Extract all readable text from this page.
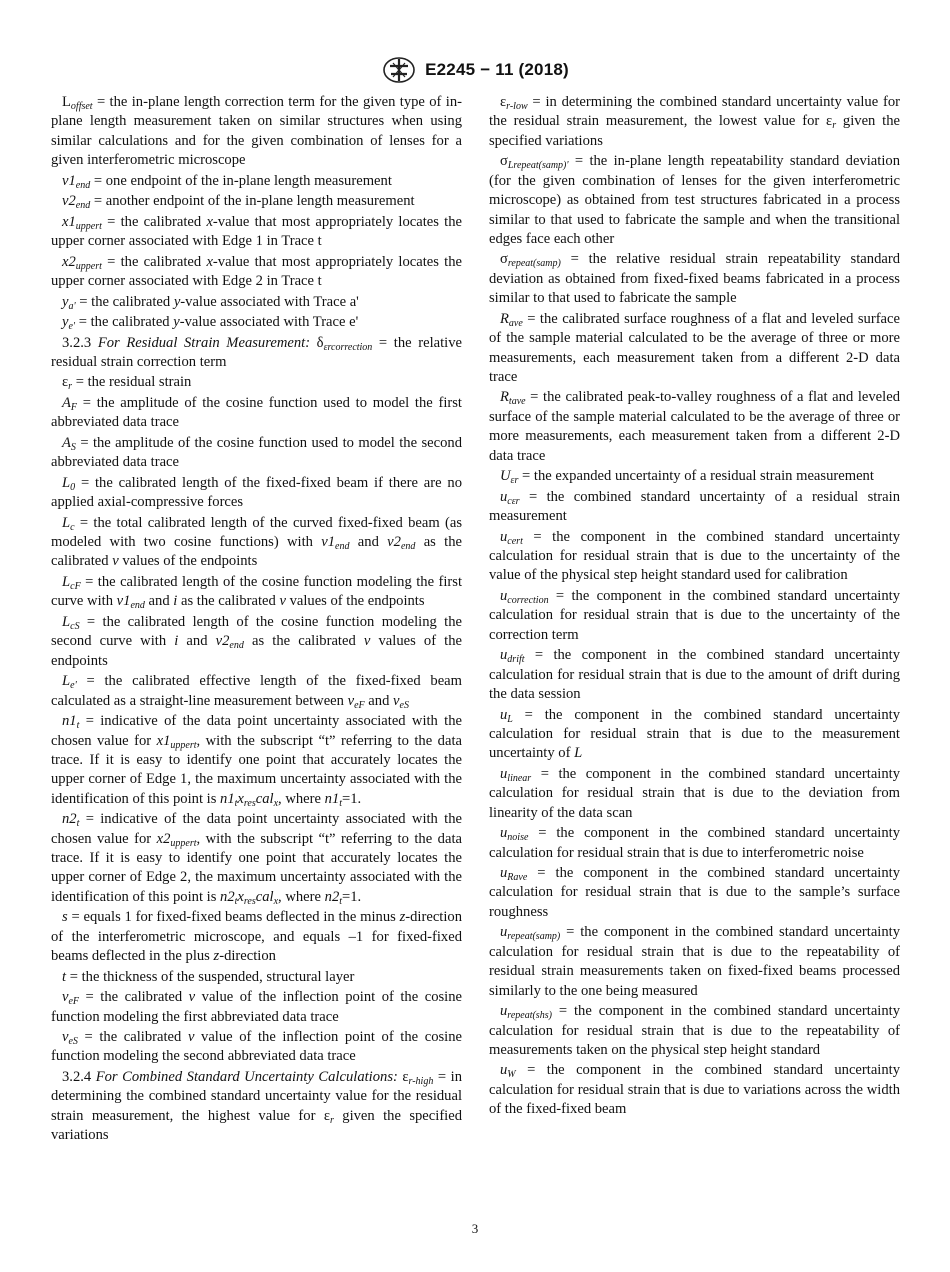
E2245 − 11 (2018)

$L_{offset}$ = the in-plane length correction term for the given type of in-plane length measurement taken on similar structures when using similar calculations and for the given combination of lenses for a given interferometric microscope

$v1_{end}$ = one endpoint of the in-plane length measurement

$v2_{end}$ = another endpoint of the in-plane length measurement

$x1_{uppert}$ = the calibrated x-value that most appropriately locates the upper corner associated with Edge 1 in Trace t

$x2_{uppert}$ = the calibrated x-value that most appropriately locates the upper corner associated with Edge 2 in Trace t

$y_{a'}$ = the calibrated y-value associated with Trace a'

$y_{e'}$ = the calibrated y-value associated with Trace e'

3.2.3 For Residual Strain Measurement: $\delta_{\varepsilon rcorrection}$ = the relative residual strain correction term

$\varepsilon_r$ = the residual strain

$A_F$ = the amplitude of the cosine function used to model the first abbreviated data trace

$A_S$ = the amplitude of the cosine function used to model the second abbreviated data trace

$L_0$ = the calibrated length of the fixed-fixed beam if there are no applied axial-compressive forces

$L_c$ = the total calibrated length of the curved fixed-fixed beam (as modeled with two cosine functions) with $v1_{end}$ and $v2_{end}$ as the calibrated v values of the endpoints

$L_{cF}$ = the calibrated length of the cosine function modeling the first curve with $v1_{end}$ and i as the calibrated v values of the endpoints

$L_{cS}$ = the calibrated length of the cosine function modeling the second curve with i and $v2_{end}$ as the calibrated v values of the endpoints

$L_{e'}$ = the calibrated effective length of the fixed-fixed beam calculated as a straight-line measurement between $v_{eF}$ and $v_{eS}$

$n1_t$ = indicative of the data point uncertainty associated with the chosen value for $x1_{uppert}$, with the subscript “t” referring to the data trace. If it is easy to identify one point that accurately locates the upper corner of Edge 1, the maximum uncertainty associated with the identification of this point is $n1_tx_{res}cal_x$, where $n1_t=1$.

$n2_t$ = indicative of the data point uncertainty associated with the chosen value for $x2_{uppert}$, with the subscript “t” referring to the data trace. If it is easy to identify one point that accurately locates the upper corner of Edge 2, the maximum uncertainty associated with the identification of this point is $n2_tx_{res}cal_x$, where $n2_t=1$.

s = equals 1 for fixed-fixed beams deflected in the minus z-direction of the interferometric microscope, and equals –1 for fixed-fixed beams deflected in the plus z-direction

t = the thickness of the suspended, structural layer

$v_{eF}$ = the calibrated v value of the inflection point of the cosine function modeling the first abbreviated data trace

$v_{eS}$ = the calibrated v value of the inflection point of the cosine function modeling the second abbreviated data trace

3.2.4 For Combined Standard Uncertainty Calculations: $\varepsilon_{r-high}$ = in determining the combined standard uncertainty value for the residual strain measurement, the highest value for $\varepsilon_r$ given the specified variations

$\varepsilon_{r-low}$ = in determining the combined standard uncertainty value for the residual strain measurement, the lowest value for $\varepsilon_r$ given the specified variations

$\sigma_{Lrepeat(samp)'}$ = the in-plane length repeatability standard deviation (for the given combination of lenses for the given interferometric microscope) as obtained from test structures fabricated in a process similar to that used to fabricate the sample and when the transitional edges face each other

$\sigma_{repeat(samp)}$ = the relative residual strain repeatability standard deviation as obtained from fixed-fixed beams fabricated in a process similar to that used to fabricate the sample

$R_{ave}$ = the calibrated surface roughness of a flat and leveled surface of the sample material calculated to be the average of three or more measurements, each measurement taken from a different 2-D data trace

$R_{tave}$ = the calibrated peak-to-valley roughness of a flat and leveled surface of the sample material calculated to be the average of three or more measurements, each measurement taken from a different 2-D data trace

$U_{\varepsilon r}$ = the expanded uncertainty of a residual strain measurement

$u_{c\varepsilon r}$ = the combined standard uncertainty of a residual strain measurement

$u_{cert}$ = the component in the combined standard uncertainty calculation for residual strain that is due to the uncertainty of the value of the physical step height standard used for calibration

$u_{correction}$ = the component in the combined standard uncertainty calculation for residual strain that is due to the uncertainty of the correction term

$u_{drift}$ = the component in the combined standard uncertainty calculation for residual strain that is due to the amount of drift during the data session

$u_L$ = the component in the combined standard uncertainty calculation for residual strain that is due to the measurement uncertainty of L

$u_{linear}$ = the component in the combined standard uncertainty calculation for residual strain that is due to the deviation from linearity of the data scan

$u_{noise}$ = the component in the combined standard uncertainty calculation for residual strain that is due to interferometric noise

$u_{Rave}$ = the component in the combined standard uncertainty calculation for residual strain that is due to the sample’s surface roughness

$u_{repeat(samp)}$ = the component in the combined standard uncertainty calculation for residual strain that is due to the repeatability of residual strain measurements taken on fixed-fixed beams processed similarly to the one being measured

$u_{repeat(shs)}$ = the component in the combined standard uncertainty calculation for residual strain that is due to the repeatability of measurements taken on the physical step height standard

$u_W$ = the component in the combined standard uncertainty calculation for residual strain that is due to variations across the width of the fixed-fixed beam

3
